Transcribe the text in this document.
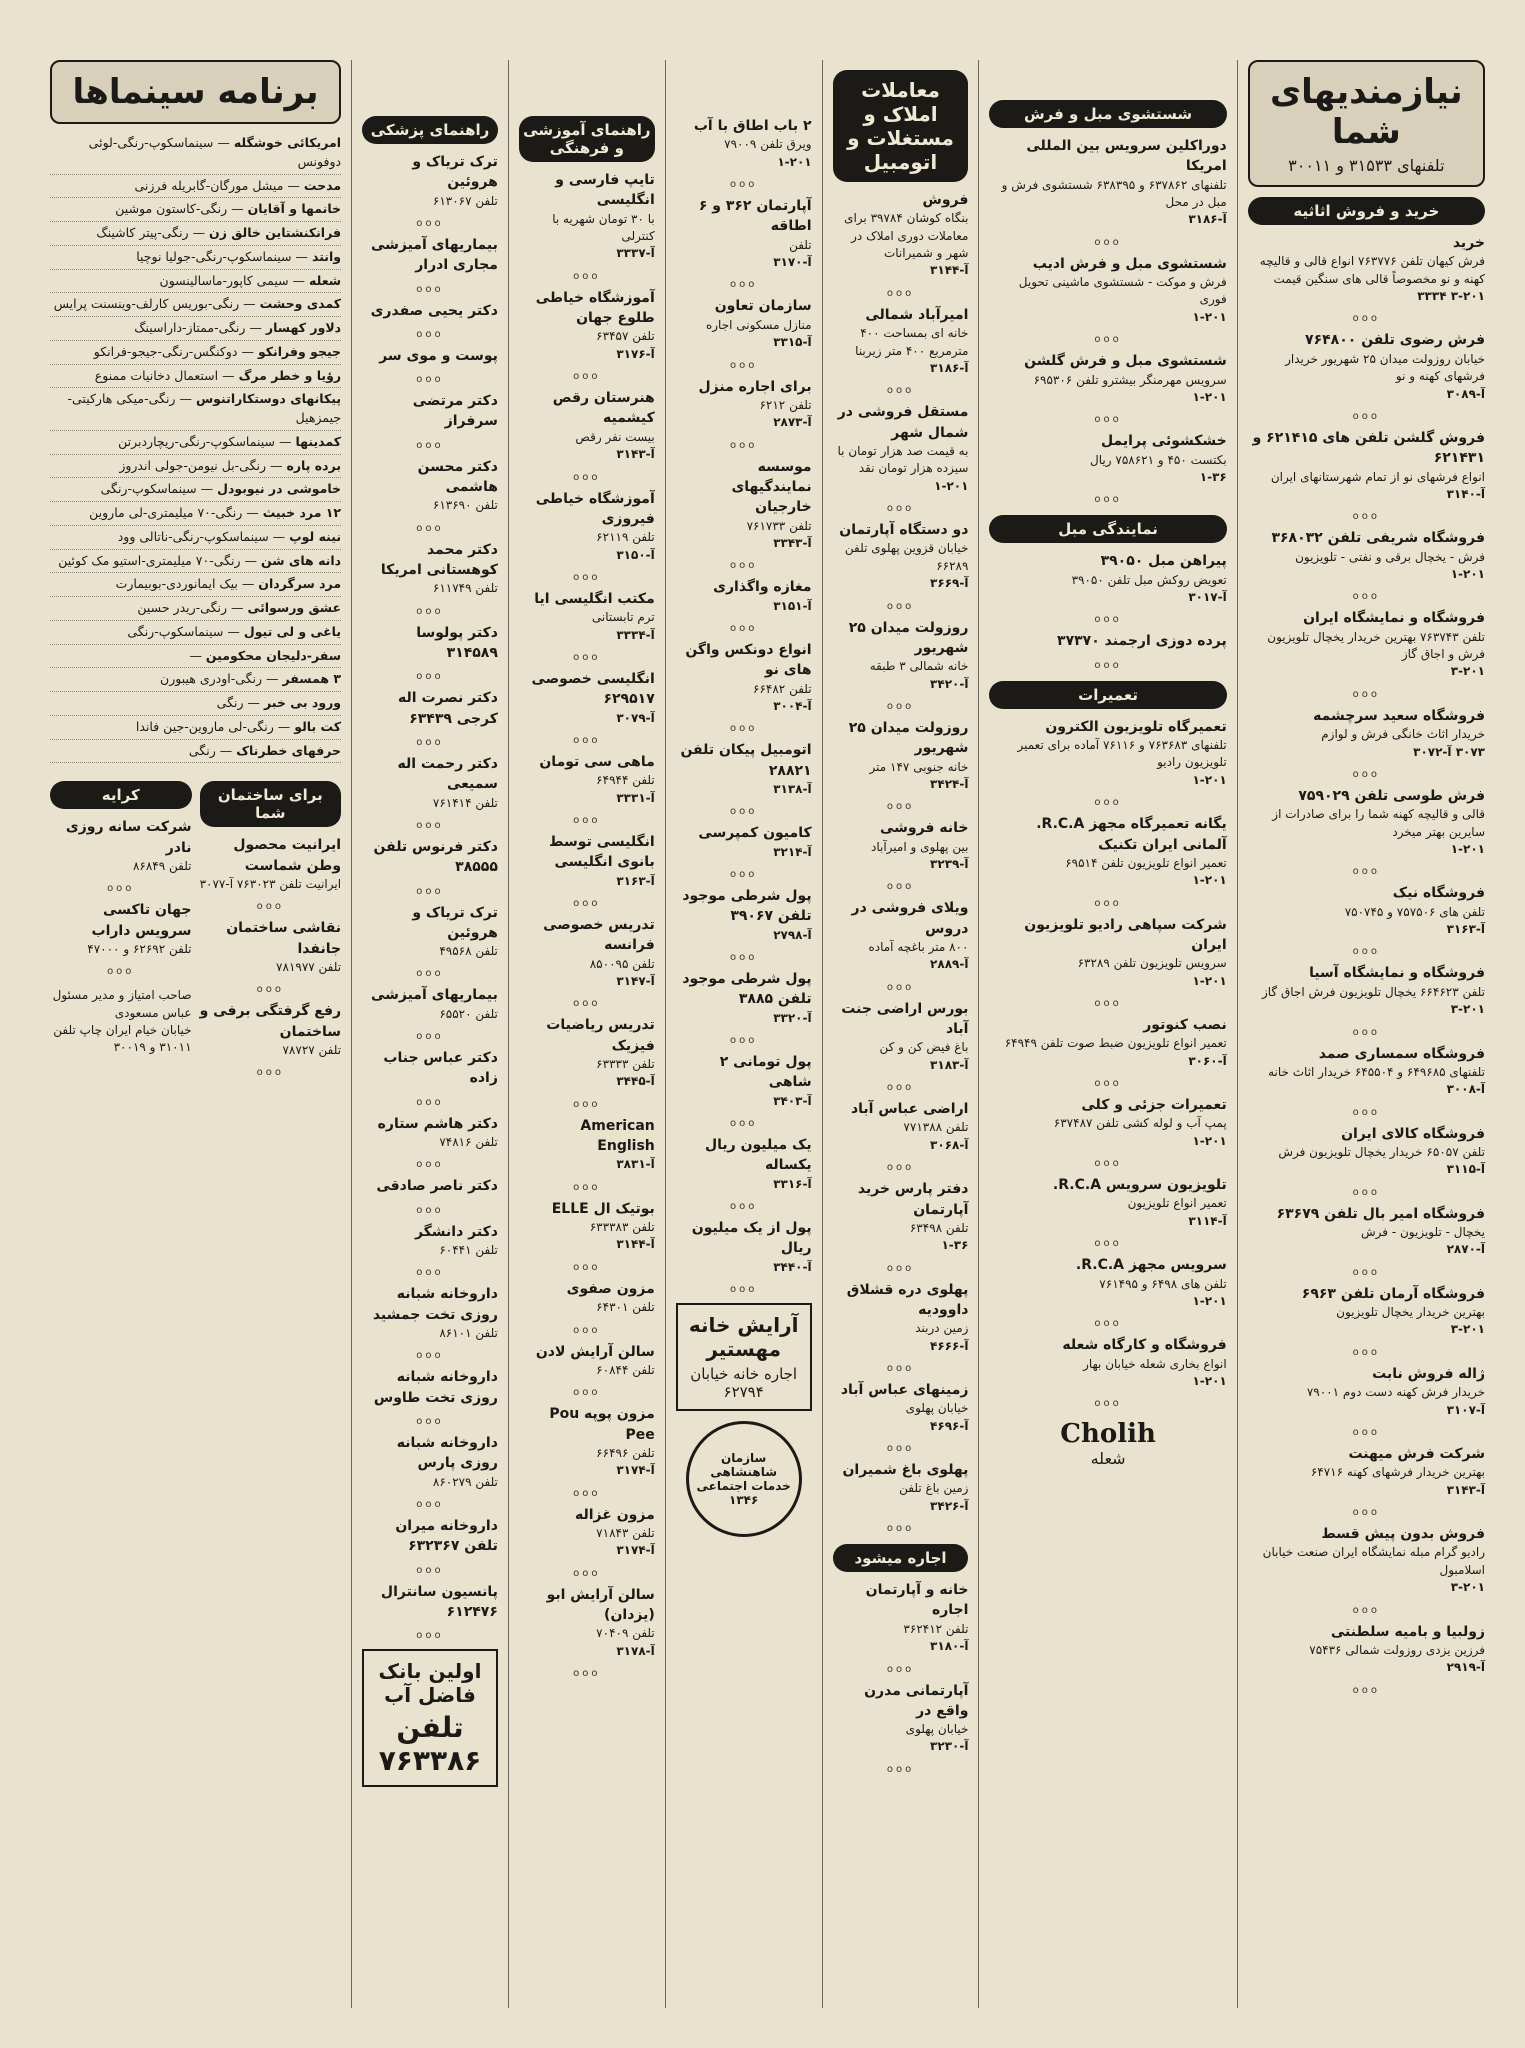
نیازمندیهای شما
تلفنهای ۳۱۵۳۳ و ۳۰۰۱۱
خرید و فروش اثاثیه
خرید
فرش کیهان تلفن ۷۶۳۷۷۶ انواع قالی و قالیچه کهنه و نو مخصوصاً قالی های سنگین قیمت
۳-۲۰۱ ۳۳۳۴
ooo
فرش رضوی تلفن ۷۶۴۸۰۰
خیابان روزولت میدان ۲۵ شهریور خریدار فرشهای کهنه و نو
آ-۳۰۸۹
ooo
فروش گلشن تلفن های ۶۲۱۴۱۵ و ۶۲۱۴۳۱
انواع فرشهای نو از تمام شهرستانهای ایران
آ-۳۱۴۰
ooo
فروشگاه شریفی تلفن ۳۶۸۰۳۲
فرش - یخچال برقی و نفتی - تلویزیون
۱-۲۰۱
ooo
فروشگاه و نمایشگاه ایران
تلفن ۷۶۳۷۴۳ بهترین خریدار یخچال تلویزیون فرش و اجاق گاز
۳-۲۰۱
ooo
فروشگاه سعید سرچشمه
خریدار اثاث خانگی فرش و لوازم
۳۰۷۳ آ-۳۰۷۲
ooo
فرش طوسی تلفن ۷۵۹۰۲۹
قالی و قالیچه کهنه شما را برای صادرات از سایرین بهتر میخرد
۱-۲۰۱
ooo
فروشگاه نیک
تلفن های ۷۵۷۵۰۶ و ۷۵۰۷۴۵
آ-۳۱۶۳
ooo
فروشگاه و نمایشگاه آسیا
تلفن ۶۶۴۶۲۳ یخچال تلویزیون فرش اجاق گاز
۳-۲۰۱
ooo
فروشگاه سمساری صمد
تلفنهای ۶۴۹۶۸۵ و ۶۴۵۵۰۴ خریدار اثاث خانه
آ-۳۰۰۸
ooo
فروشگاه کالای ایران
تلفن ۶۵۰۵۷ خریدار یخچال تلویزیون فرش
آ-۳۱۱۵
ooo
فروشگاه امیر بال تلفن ۶۳۶۷۹
یخچال - تلویزیون - فرش
آ-۲۸۷۰
ooo
فروشگاه آرمان تلفن ۶۹۶۳
بهترین خریدار یخچال تلویزیون
۳-۲۰۱
ooo
ژاله فروش نابت
خریدار فرش کهنه دست دوم ۷۹۰۰۱
آ-۳۱۰۷
ooo
شرکت فرش میهنت
بهترین خریدار فرشهای کهنه ۶۴۷۱۶
آ-۳۱۴۳
ooo
فروش بدون پیش قسط
رادیو گرام مبله نمایشگاه ایران صنعت خیابان اسلامبول
۳-۲۰۱
ooo
زولبیا و بامیه سلطنتی
فرزین یزدی روزولت شمالی ۷۵۴۳۶
آ-۲۹۱۹
ooo
شستشوی مبل و فرش
دوراکلین سرویس بین المللی امریکا
تلفنهای ۶۳۷۸۶۲ و ۶۳۸۳۹۵ شستشوی فرش و مبل در محل
آ-۳۱۸۶
ooo
شستشوی مبل و فرش ادیب
فرش و موکت - شستشوی ماشینی تحویل فوری
۱-۲۰۱
ooo
شستشوی مبل و فرش گلشن
سرویس مهرمنگر بیشترو تلفن ۶۹۵۳۰۶
۱-۲۰۱
ooo
خشکشوئی پرایمل
بکتست ۴۵۰ و ۷۵۸۶۲۱ ریال
۱-۳۶
ooo
نمایندگی مبل
پیراهن مبل ۳۹۰۵۰
تعویض روکش مبل تلفن ۳۹۰۵۰
آ-۳۰۱۷
ooo
پرده دوزی ارجمند ۳۷۳۷۰
ooo
تعمیرات
تعمیرگاه تلویزیون الکترون
تلفنهای ۷۶۳۶۸۳ و ۷۶۱۱۶ آماده برای تعمیر تلویزیون رادیو
۱-۲۰۱
ooo
یگانه تعمیرگاه مجهز R.C.A. آلمانی ایران تکنیک
تعمیر انواع تلویزیون تلفن ۶۹۵۱۴
۱-۲۰۱
ooo
شرکت سپاهی رادیو تلویزیون ایران
سرویس تلویزیون تلفن ۶۳۲۸۹
۱-۲۰۱
ooo
نصب کنوتور
تعمیر انواع تلویزیون ضبط صوت تلفن ۶۴۹۴۹
آ-۳۰۶۰
ooo
تعمیرات جزئی و کلی
پمپ آب و لوله کشی تلفن ۶۳۷۴۸۷
۱-۲۰۱
ooo
تلویزیون سرویس R.C.A.
تعمیر انواع تلویزیون
آ-۳۱۱۴
ooo
سرویس مجهز R.C.A.
تلفن های ۶۴۹۸ و ۷۶۱۴۹۵
۱-۲۰۱
ooo
فروشگاه و کارگاه شعله
انواع بخاری شعله خیابان بهار
۱-۲۰۱
ooo
Cholih
شعله
معاملات املاک و مستغلات و اتومبیل
فروش
بنگاه کوشان ۳۹۷۸۴ برای معاملات دوری املاک در شهر و شمیرانات
آ-۳۱۴۴
ooo
امیرآباد شمالی
خانه ای بمساحت ۴۰۰ مترمربع ۴۰۰ متر زیربنا
آ-۳۱۸۶
ooo
مستقل فروشی در شمال شهر
به قیمت صد هزار تومان با سیزده هزار تومان نقد
۱-۲۰۱
ooo
دو دستگاه آپارتمان
خیابان قزوین پهلوی تلفن ۶۶۲۸۹
آ-۳۶۶۹
ooo
روزولت میدان ۲۵ شهریور
خانه شمالی ۳ طبقه
آ-۳۴۲۰
ooo
روزولت میدان ۲۵ شهریور
خانه جنوبی ۱۴۷ متر
آ-۳۴۲۴
ooo
خانه فروشی
بین پهلوی و امیرآباد
آ-۳۲۳۹
ooo
ویلای فروشی در دروس
۸۰۰ متر باغچه آماده
آ-۲۸۸۹
ooo
بورس اراضی جنت آباد
باغ فیض کن و کن
آ-۳۱۸۳
ooo
اراضی عباس آباد
تلفن ۷۷۱۳۸۸
آ-۳۰۶۸
ooo
دفتر پارس خرید آپارتمان
تلفن ۶۳۴۹۸
۱-۳۶
ooo
پهلوی دره قشلاق داوودیه
زمین دربند
آ-۴۶۶۶
ooo
زمینهای عباس آباد
خیابان پهلوی
آ-۴۶۹۶
ooo
پهلوی باغ شمیران
زمین باغ تلفن
آ-۳۴۲۶
ooo
اجاره میشود
خانه و آپارتمان اجاره
تلفن ۳۶۲۴۱۲
آ-۳۱۸۰
ooo
آپارتمانی مدرن واقع در
خیابان پهلوی
آ-۳۲۳۰
ooo
۲ باب اطاق با آب
ویرق تلفن ۷۹۰۰۹
۱-۲۰۱
ooo
آپارتمان ۳۶۲ و ۶ اطاقه
تلفن
آ-۳۱۷۰
ooo
سازمان تعاون
منازل مسکونی اجاره
آ-۳۳۱۵
ooo
برای اجاره منزل
تلفن ۶۲۱۲
آ-۲۸۷۳
ooo
موسسه نمایندگیهای خارجیان
تلفن ۷۶۱۷۳۳
آ-۳۳۴۳
ooo
مغازه واگذاری
آ-۳۱۵۱
ooo
انواع دونکس واگن های نو
تلفن ۶۶۴۸۲
آ-۳۰۰۴
ooo
اتومبیل پیکان تلفن ۲۸۸۲۱
آ-۳۱۳۸
ooo
کامیون کمپرسی
آ-۳۲۱۴
ooo
پول شرطی موجود تلفن ۳۹۰۶۷
آ-۲۷۹۸
ooo
پول شرطی موجود تلفن ۳۸۸۵
آ-۳۳۲۰
ooo
پول تومانی ۲ شاهی
آ-۳۴۰۳
ooo
یک میلیون ریال یکساله
آ-۳۳۱۶
ooo
پول از یک میلیون ریال
آ-۳۴۴۰
ooo
آرایش خانه مهستیر
اجاره خانه خیابان ۶۲۷۹۴
سازمان شاهنشاهی خدمات اجتماعی ۱۳۴۶
راهنمای آموزشی و فرهنگی
تایپ فارسی و انگلیسی
با ۳۰ تومان شهریه با کنترلی
آ-۳۳۳۷
ooo
آموزشگاه خیاطی طلوع جهان
تلفن ۶۳۴۵۷
آ-۳۱۷۶
ooo
هنرستان رقص کیشمیه
بیست نفر رقص
آ-۳۱۴۳
ooo
آموزشگاه خیاطی فیروزی
تلفن ۶۲۱۱۹
آ-۳۱۵۰
ooo
مکتب انگلیسی ایا
ترم تابستانی
آ-۳۳۳۴
ooo
انگلیسی خصوصی ۶۲۹۵۱۷
آ-۳۰۷۹
ooo
ماهی سی تومان
تلفن ۶۴۹۴۴
آ-۳۳۳۱
ooo
انگلیسی توسط بانوی انگلیسی
آ-۳۱۶۳
ooo
تدریس خصوصی فرانسه
تلفن ۸۵۰۰۹۵
آ-۳۱۴۷
ooo
تدریس ریاضیات فیزیک
تلفن ۶۳۳۳۳
آ-۳۴۴۵
ooo
American English
آ-۳۸۳۱
ooo
بوتیک ال ELLE
تلفن ۶۳۳۳۸۳
آ-۳۱۴۴
ooo
مزون صفوی
تلفن ۶۴۳۰۱
ooo
سالن آرایش لادن
تلفن ۶۰۸۴۴
ooo
مزون پوپه Pou Pee
تلفن ۶۶۴۹۶
آ-۳۱۷۴
ooo
مزون غزاله
تلفن ۷۱۸۴۳
آ-۳۱۷۴
ooo
سالن آرایش ابو (یزدان)
تلفن ۷۰۴۰۹
آ-۳۱۷۸
ooo
راهنمای پزشکی
ترک تریاک و هروئین
تلفن ۶۱۳۰۶۷
ooo
بیماریهای آمیزشی مجاری ادرار
ooo
دکتر یحیی صفدری
ooo
پوست و موی سر
ooo
دکتر مرتضی سرفراز
ooo
دکتر محسن هاشمی
تلفن ۶۱۳۶۹۰
ooo
دکتر محمد کوهستانی امریکا
تلفن ۶۱۱۷۴۹
ooo
دکتر پولوسا ۳۱۴۵۸۹
ooo
دکتر نصرت اله کرجی ۶۳۴۳۹
ooo
دکتر رحمت اله سمیعی
تلفن ۷۶۱۴۱۴
ooo
دکتر فرنوس تلفن ۳۸۵۵۵
ooo
ترک تریاک و هروئین
تلفن ۴۹۵۶۸
ooo
بیماریهای آمیزشی
تلفن ۶۵۵۲۰
ooo
دکتر عباس جناب زاده
ooo
دکتر هاشم ستاره
تلفن ۷۴۸۱۶
ooo
دکتر ناصر صادقی
ooo
دکتر دانشگر
تلفن ۶۰۴۴۱
ooo
داروخانه شبانه روزی تخت جمشید
تلفن ۸۶۱۰۱
ooo
داروخانه شبانه روزی تخت طاوس
ooo
داروخانه شبانه روزی پارس
تلفن ۸۶۰۲۷۹
ooo
داروخانه میران تلفن ۶۳۲۳۶۷
ooo
پانسیون سانترال ۶۱۲۴۷۶
ooo
اولین بانک فاضل آب
تلفن ۷۶۳۳۸۶
برنامه سینماها
امریکائی خوشگله — سینماسکوپ-رنگی-لوئی دوفونس
مدحت — میشل مورگان-گابریله فرزنی
خانمها و آقایان — رنگی-کاستون موشین
فرانکنشتاین خالق زن — رنگی-پیتر کاشینگ
وانتد — سینماسکوپ-رنگی-جولیا نوچیا
شعله — سیمی کاپور-ماسالینسون
کمدی وحشت — رنگی-بوریس کارلف-وینسنت پرایس
دلاور کهسار — رنگی-ممتاز-داراسینگ
جیجو وفرانکو — دوکنگس-رنگی-جیجو-فرانکو
رؤیا و خطر مرگ — استعمال دخانیات ممنوع
پیکانهای دوستکاراتنوس — رنگی-میکی هارکیتی-جیمزهیل
کمدینها — سینماسکوپ-رنگی-ریچاردبرتن
برده پاره — رنگی-بل نیومن-جولی اندروز
خاموشی در نیوبودل — سینماسکوپ-رنگی
۱۲ مرد خبیث — رنگی-۷۰ میلیمتری-لی ماروین
نینه لوپ — سینماسکوپ-رنگی-ناتالی وود
دانه های شن — رنگی-۷۰ میلیمتری-استیو مک کوئین
مرد سرگردان — بیک ایمانوردی-بوبیمارت
عشق ورسوائی — رنگی-ریدر حسین
یاغی و لی تیول — سینماسکوپ-رنگی
سفر-دلیجان محکومین —
۳ همسفر — رنگی-اودری هیبورن
ورود بی خبر — رنگی
کت بالو — رنگی-لی ماروین-جین فاندا
حرفهای خطرناک — رنگی
برای ساختمان شما
ایرانیت محصول وطن شماست
ایرانیت تلفن ۷۶۳۰۲۳ آ-۳۰۷۷
ooo
نقاشی ساختمان جانفدا
تلفن ۷۸۱۹۷۷
ooo
رفع گرفتگی برفی و ساختمان
تلفن ۷۸۷۲۷
ooo
کرایه
شرکت سانه روزی نادر
تلفن ۸۶۸۴۹
ooo
جهان تاکسی سرویس داراب
تلفن ۶۲۶۹۲ و ۴۷۰۰۰
ooo
صاحب امتیاز و مدیر مسئول عباس مسعودی
خیابان خیام ایران چاپ تلفن ۳۱۰۱۱ و ۳۰۰۱۹
